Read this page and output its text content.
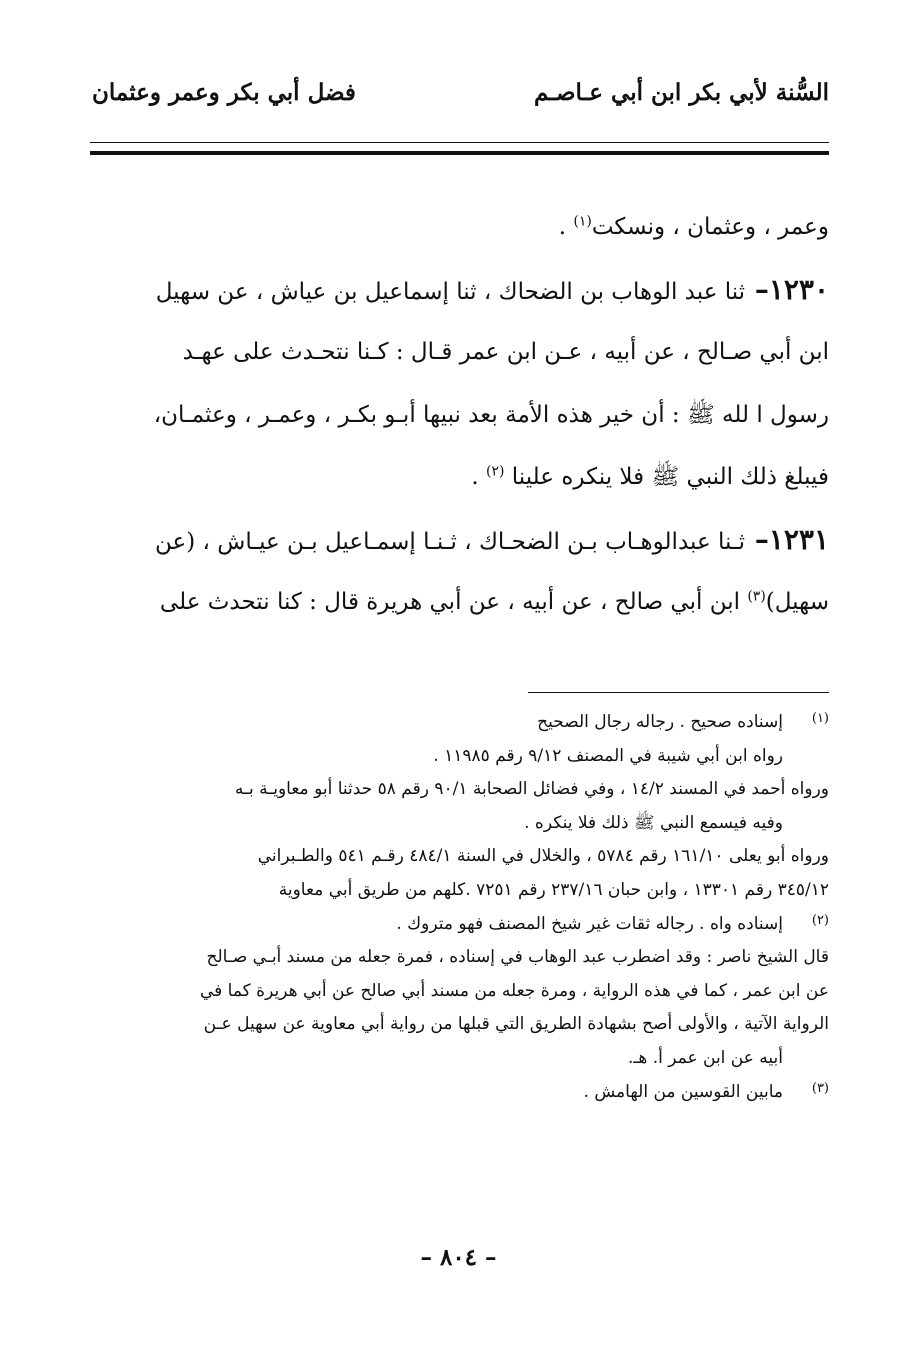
السُّنة لأبي بكر ابن أبي عـاصـم
فضل أبي بكر وعمر وعثمان
وعمر ، وعثمان ، ونسكت$^{(١)}$ .
١٢٣٠– ثنا عبد الوهاب بن الضحاك ، ثنا إسماعيل بن عياش ، عن سهيل
ابن أبي صـالح ، عن أبيه ، عـن ابن عمر قـال : كـنا نتحـدث على عهـد
رسول ا لله ﷺ : أن خير هذه الأمة بعد نبيها أبـو بكـر ، وعمـر ، وعثمـان،
فيبلغ ذلك النبي ﷺ فلا ينكره علينا $^{(٢)}$ .
١٢٣١– ثـنا عبدالوهـاب بـن الضحـاك ، ثـنـا إسمـاعيل بـن عيـاش ، (عن
سهيل)$^{(٣)}$ ابن أبي صالح ، عن أبيه ، عن أبي هريرة قال : كنا نتحدث على
(١)
إسناده صحيح . رجاله رجال الصحيح
رواه ابن أبي شيبة في المصنف ٩/١٢ رقم ١١٩٨٥ .
ورواه أحمد في المسند ١٤/٢ ، وفي فضائل الصحابة ٩٠/١ رقم ٥٨ حدثنا أبو معاويـة بـه
وفيه فيسمع النبي ﷺ ذلك فلا ينكره .
ورواه أبو يعلى ١٦١/١٠ رقم ٥٧٨٤ ، والخلال في السنة ٤٨٤/١ رقـم ٥٤١ والطـبراني
٣٤٥/١٢ رقم ١٣٣٠١ ، وابن حبان ٢٣٧/١٦ رقم ٧٢٥١ .كلهم من طريق أبي معاوية
(٢)
إسناده واه . رجاله ثقات غير شيخ المصنف فهو متروك .
قال الشيخ ناصر : وقد اضطرب عبد الوهاب في إسناده ، فمرة جعله من مسند أبـي صـالح
عن ابن عمر ، كما في هذه الرواية ، ومرة جعله من مسند أبي صالح عن أبي هريرة كما في
الرواية الآتية ، والأولى أصح بشهادة الطريق التي قبلها من رواية أبي معاوية عن سهيل عـن
أبيه عن ابن عمر أ. هـ.
(٣)
مابين القوسين من الهامش .
– ٨٠٤ –
